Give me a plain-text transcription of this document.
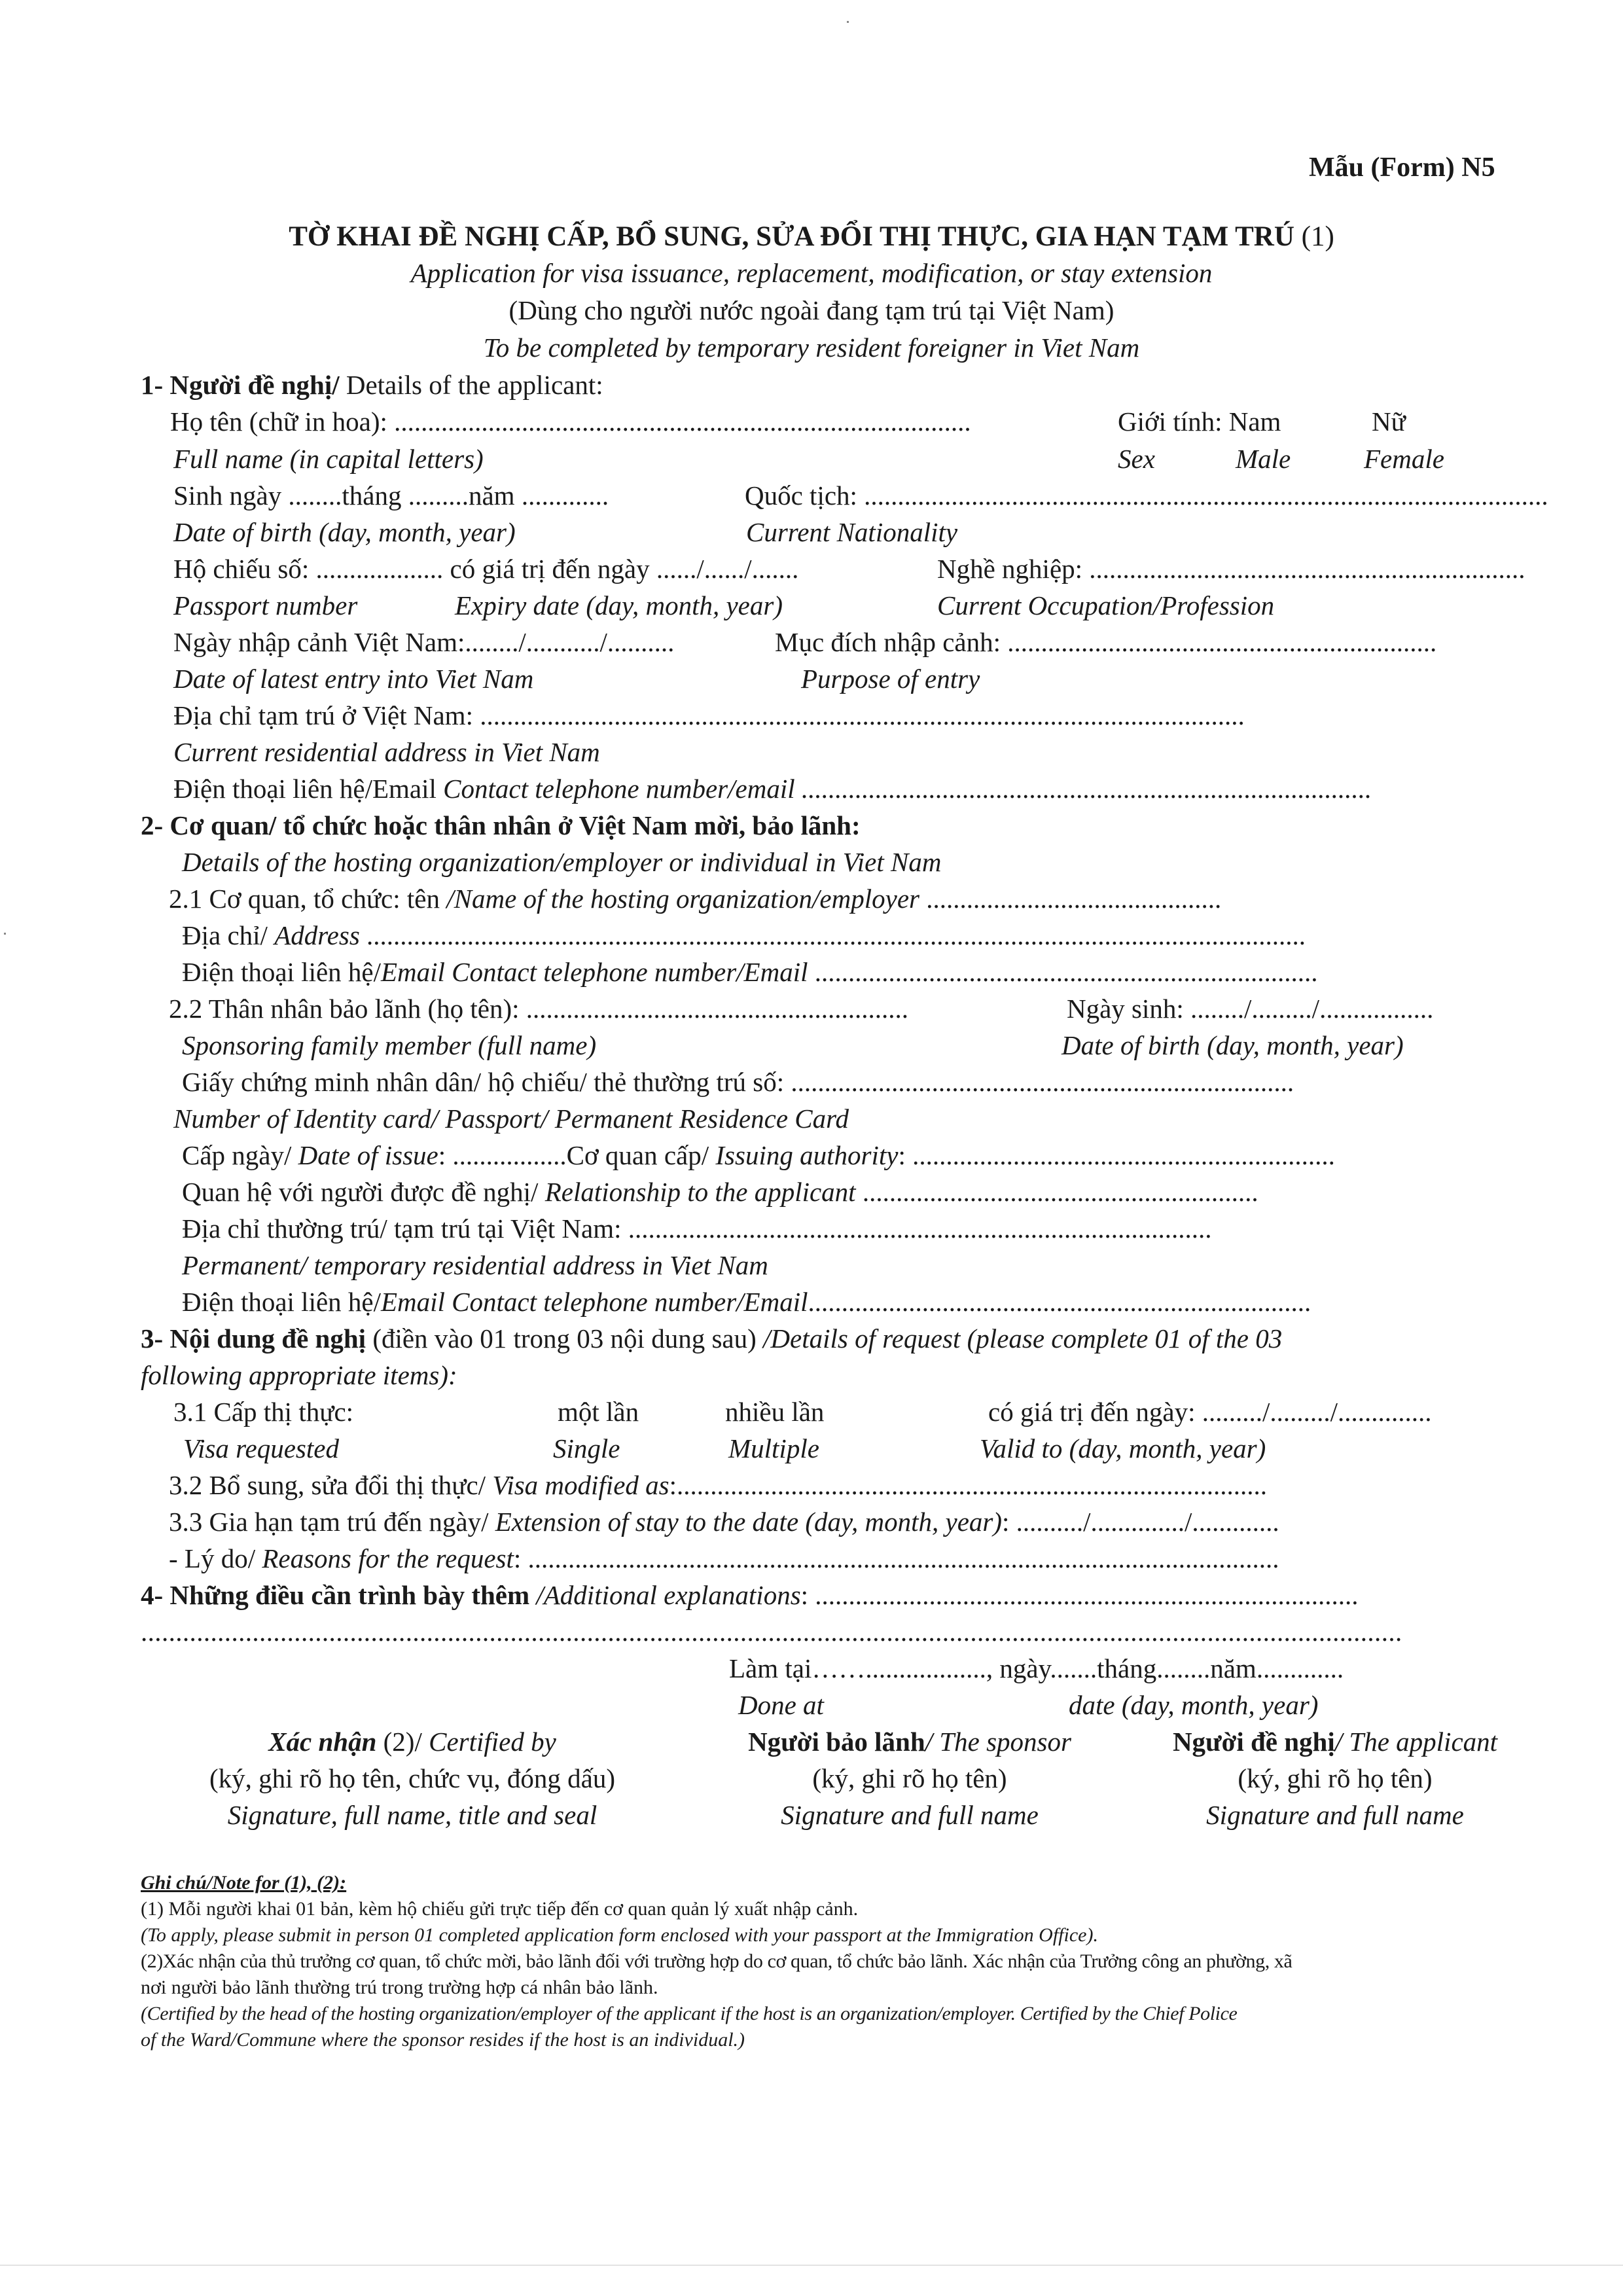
Mẫu (Form) N5
TỜ KHAI ĐỀ NGHỊ CẤP, BỔ SUNG, SỬA ĐỔI THỊ THỰC, GIA HẠN TẠM TRÚ (1)
Application for visa issuance, replacement, modification, or stay extension
(Dùng cho người nước ngoài đang tạm trú tại Việt Nam)
To be completed by temporary resident foreigner in Viet Nam
1- Người đề nghị/ Details of the applicant:
Họ tên (chữ in hoa): ......................................................................................	Giới tính: Nam	Nữ
Full name (in capital letters)	Sex	Male	Female
Sinh ngày ........tháng .........năm .............	Quốc tịch: ......................................................................................................
Date of birth (day, month, year)	Current Nationality
Hộ chiếu số: ................... có giá trị đến ngày ....../....../.......	Nghề nghiệp: .................................................................
Passport number	Expiry date (day, month, year)	Current Occupation/Profession
Ngày nhập cảnh Việt Nam:......../.........../..........	Mục đích nhập cảnh: ................................................................
Date of latest entry into Viet Nam	Purpose of entry
Địa chỉ tạm trú ở Việt Nam: ..................................................................................................................
Current residential address in Viet Nam
Điện thoại liên hệ/Email Contact telephone number/email .....................................................................................
2- Cơ quan/ tổ chức hoặc thân nhân ở Việt Nam mời, bảo lãnh:
Details of the hosting organization/employer or individual in Viet Nam
2.1 Cơ quan, tổ chức: tên /Name of the hosting organization/employer ............................................
Địa chỉ/ Address ............................................................................................................................................
Điện thoại liên hệ/Email Contact telephone number/Email ...........................................................................
2.2 Thân nhân bảo lãnh (họ tên): .........................................................	Ngày sinh: ......../........./.................
Sponsoring family member (full name)	Date of birth (day, month, year)
Giấy chứng minh nhân dân/ hộ chiếu/ thẻ thường trú số: ...........................................................................
Number of Identity card/ Passport/ Permanent Residence Card
Cấp ngày/ Date of issue: .................Cơ quan cấp/ Issuing authority: ...............................................................
Quan hệ với người được đề nghị/ Relationship to the applicant ...........................................................
Địa chỉ thường trú/ tạm trú tại Việt Nam: .......................................................................................
Permanent/ temporary residential address in Viet Nam
Điện thoại liên hệ/Email Contact telephone number/Email...........................................................................
3- Nội dung đề nghị (điền vào 01 trong 03 nội dung sau) /Details of request (please complete 01 of the 03
following appropriate items):
3.1 Cấp thị thực:	một lần	nhiều lần	có giá trị đến ngày: ........./........./..............
Visa requested	Single	Multiple	Valid to (day, month, year)
3.2 Bổ sung, sửa đổi thị thực/ Visa modified as:........................................................................................
3.3 Gia hạn tạm trú đến ngày/ Extension of stay to the date (day, month, year): ........../............../.............
- Lý do/ Reasons for the request: ................................................................................................................
4- Những điều cần trình bày thêm /Additional explanations: .................................................................................
.....................................................................................................................................................................................
Làm tại…….................., ngày.......tháng........năm.............
Done at	date (day, month, year)
Xác nhận (2)/ Certified by
(ký, ghi rõ họ tên, chức vụ, đóng dấu)
Signature, full name, title and seal
Người bảo lãnh/ The sponsor
(ký, ghi rõ họ tên)
Signature and full name
Người đề nghị/ The applicant
(ký, ghi rõ họ tên)
Signature and full name
Ghi chú/Note for (1), (2):
(1) Mỗi người khai 01 bản, kèm hộ chiếu gửi trực tiếp đến cơ quan quản lý xuất nhập cảnh.
(To apply, please submit in person 01 completed application form enclosed with your passport at the Immigration Office).
(2)Xác nhận của thủ trưởng cơ quan, tổ chức mời, bảo lãnh đối với trường hợp do cơ quan, tổ chức bảo lãnh. Xác nhận của Trưởng công an phường, xã
nơi người bảo lãnh thường trú trong trường hợp cá nhân bảo lãnh.
(Certified by the head of the hosting organization/employer of the applicant if the host is an organization/employer. Certified by the Chief Police
of the Ward/Commune where the sponsor resides if the host is an individual.)
